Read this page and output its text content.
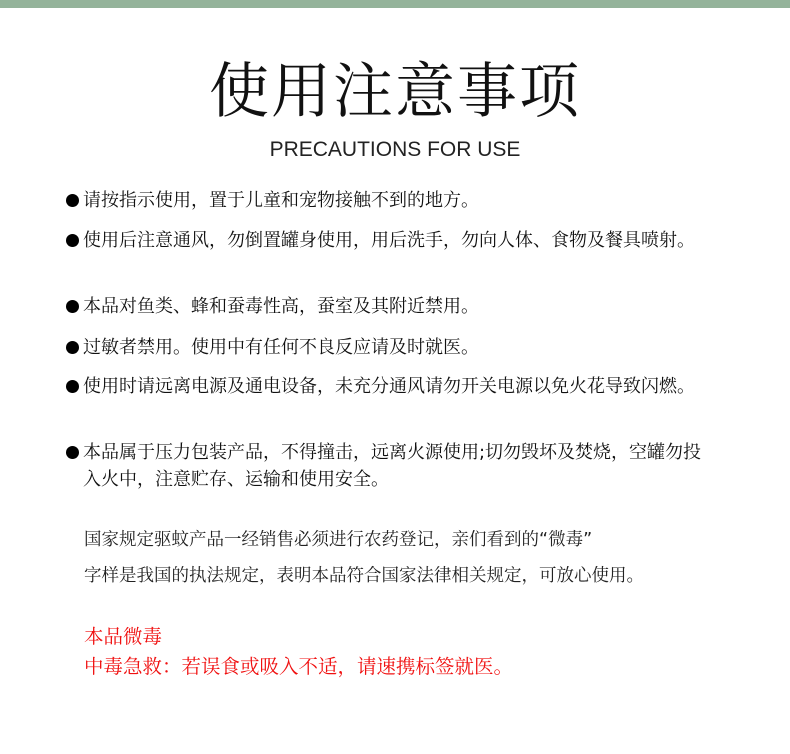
使用注意事项
PRECAUTIONS FOR USE
请按指示使用，置于儿童和宠物接触不到的地方。
使用后注意通风，勿倒置罐身使用，用后洗手，勿向人体、食物及餐具喷射。
本品对鱼类、蜂和蚕毒性高，蚕室及其附近禁用。
过敏者禁用。使用中有任何不良反应请及时就医。
使用时请远离电源及通电设备，未充分通风请勿开关电源以免火花导致闪燃。
本品属于压力包装产品，不得撞击，远离火源使用;切勿毁坏及焚烧，空罐勿投入火中，注意贮存、运输和使用安全。
国家规定驱蚊产品一经销售必须进行农药登记，亲们看到的“微毒”
字样是我国的执法规定，表明本品符合国家法律相关规定，可放心使用。
本品微毒
中毒急救：若误食或吸入不适，请速携标签就医。
